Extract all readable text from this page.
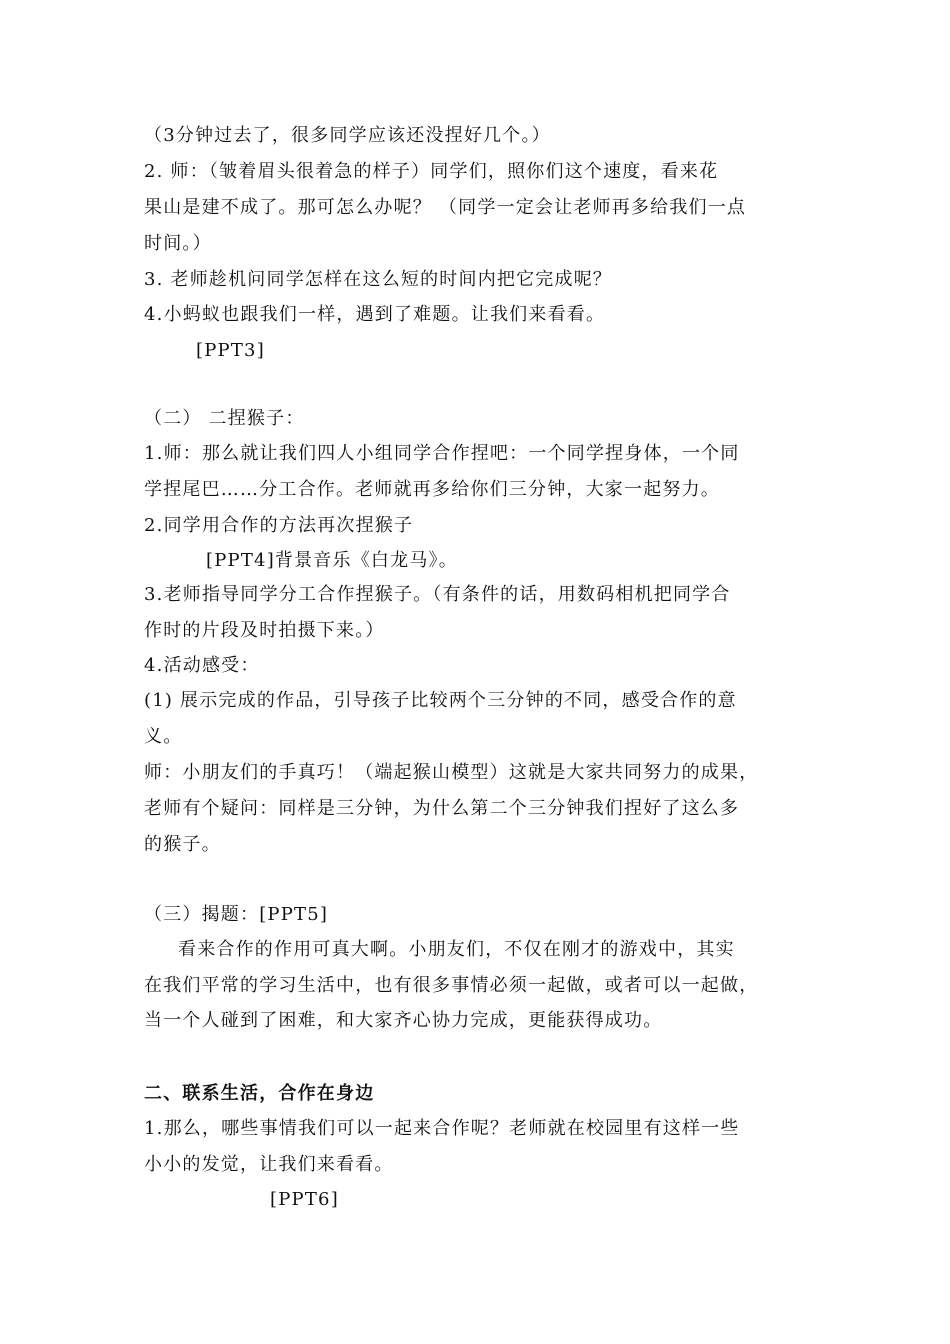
（3分钟过去了，很多同学应该还没捏好几个。）
2. 师：（皱着眉头很着急的样子）同学们，照你们这个速度，看来花
果山是建不成了。那可怎么办呢？ （同学一定会让老师再多给我们一点
时间。）
3. 老师趁机问同学怎样在这么短的时间内把它完成呢？
4.小蚂蚁也跟我们一样，遇到了难题。让我们来看看。
[PPT3]
（二） 二捏猴子：
1.师：那么就让我们四人小组同学合作捏吧：一个同学捏身体，一个同
学捏尾巴……分工合作。老师就再多给你们三分钟，大家一起努力。
2.同学用合作的方法再次捏猴子
[PPT4]背景音乐《白龙马》。
3.老师指导同学分工合作捏猴子。（有条件的话，用数码相机把同学合
作时的片段及时拍摄下来。）
4.活动感受：
(1) 展示完成的作品，引导孩子比较两个三分钟的不同，感受合作的意
义。
师：小朋友们的手真巧！（端起猴山模型）这就是大家共同努力的成果，
老师有个疑问：同样是三分钟，为什么第二个三分钟我们捏好了这么多
的猴子。
（三）揭题：[PPT5]
看来合作的作用可真大啊。小朋友们，不仅在刚才的游戏中，其实
在我们平常的学习生活中，也有很多事情必须一起做，或者可以一起做，
当一个人碰到了困难，和大家齐心协力完成，更能获得成功。
二、联系生活，合作在身边
1.那么，哪些事情我们可以一起来合作呢？老师就在校园里有这样一些
小小的发觉，让我们来看看。
[PPT6]
